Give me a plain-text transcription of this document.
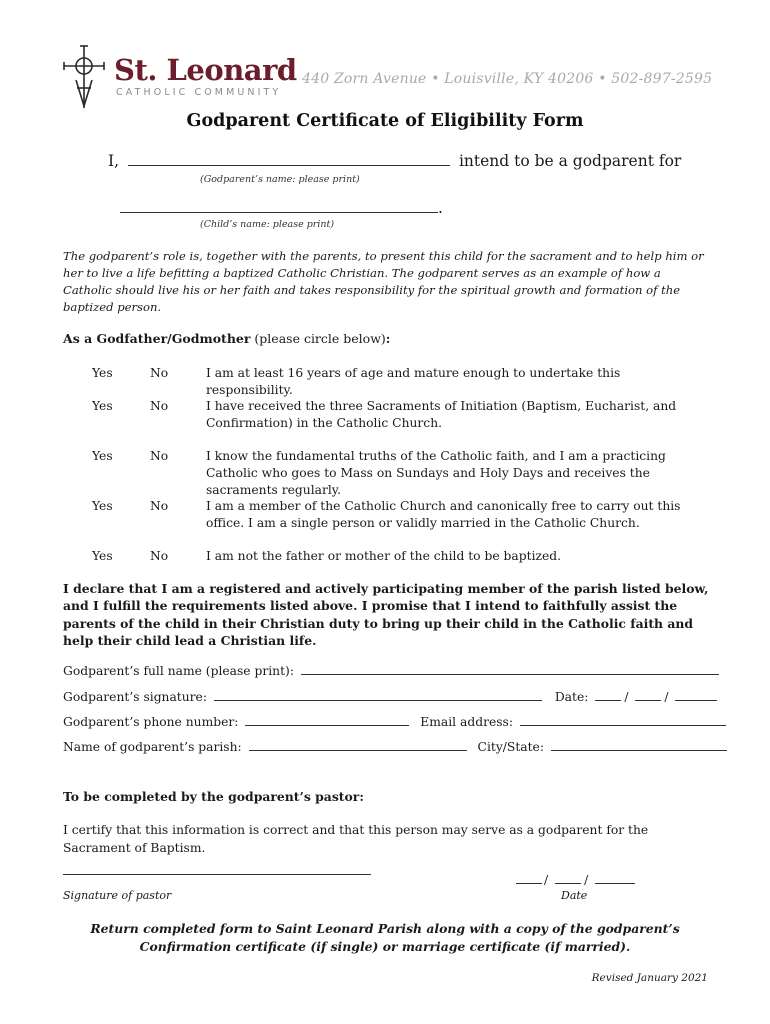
St. Leonard
CATHOLIC COMMUNITY
440 Zorn Avenue • Louisville, KY 40206 • 502-897-2595
Godparent Certificate of Eligibility Form
I,	intend to be a godparent for
(Godparent’s name: please print)
.
(Child’s name: please print)
The godparent’s role is, together with the parents, to present this child for the sacrament and to help him or her to live a life befitting a baptized Catholic Christian. The godparent serves as an example of how a Catholic should live his or her faith and takes responsibility for the spiritual growth and formation of the baptized person.
As a Godfather/Godmother (please circle below):
Yes	No	I am at least 16 years of age and mature enough to undertake this responsibility.
Yes	No	I have received the three Sacraments of Initiation (Baptism, Eucharist, and Confirmation) in the Catholic Church.
Yes	No	I know the fundamental truths of the Catholic faith, and I am a practicing Catholic who goes to Mass on Sundays and Holy Days and receives the sacraments regularly.
Yes	No	I am a member of the Catholic Church and canonically free to carry out this office. I am a single person or validly married in the Catholic Church.
Yes	No	I am not the father or mother of the child to be baptized.
I declare that I am a registered and actively participating member of the parish listed below, and I fulfill the requirements listed above. I promise that I intend to faithfully assist the parents of the child in their Christian duty to bring up their child in the Catholic faith and help their child lead a Christian life.
Godparent’s full name (please print):
Godparent’s signature:	Date:	/	/
Godparent’s phone number:	Email address:
Name of godparent’s parish:	City/State:
To be completed by the godparent’s pastor:
I certify that this information is correct and that this person may serve as a godparent for the Sacrament of Baptism.
Signature of pastor
/	/
Date
Return completed form to Saint Leonard Parish along with a copy of the godparent’s
Confirmation certificate (if single) or marriage certificate (if married).
Revised January 2021
